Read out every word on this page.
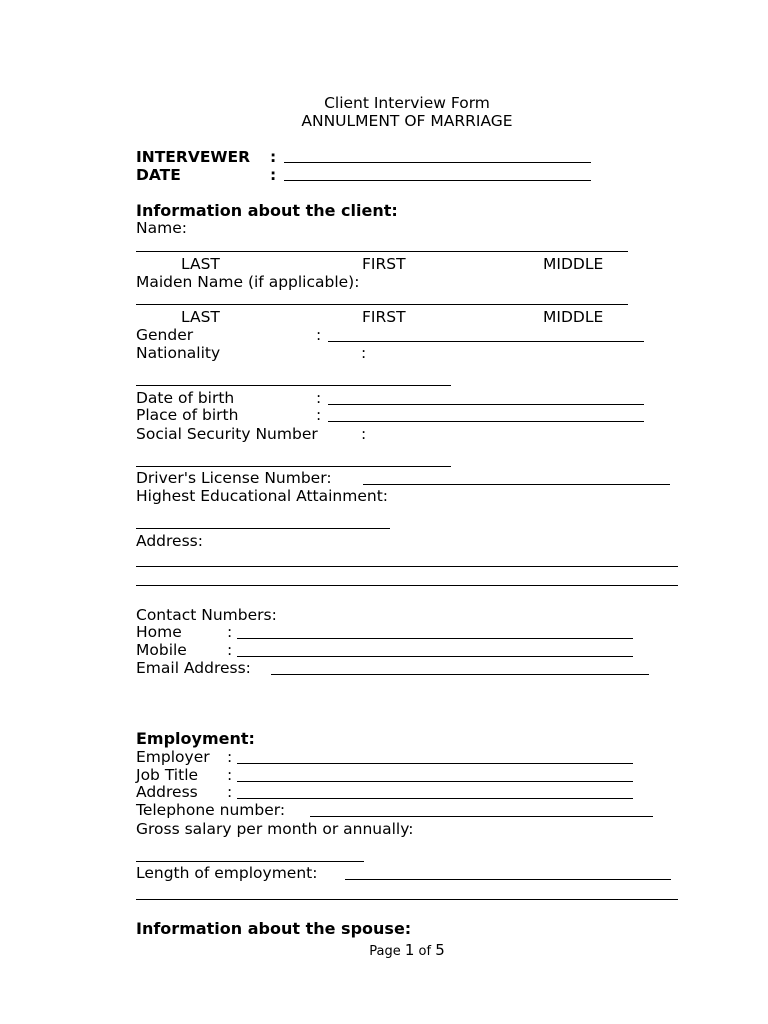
Client Interview Form
ANNULMENT OF MARRIAGE
INTERVEWER :
DATE	:
Information about the client:
Name:
LAST	FIRST	MIDDLE
Maiden Name (if applicable):
LAST	FIRST	MIDDLE
Gender	:
Nationality	:
Date of birth	:
Place of birth	:
Social Security Number	:
Driver's License Number:
Highest Educational Attainment:
Address:
Contact Numbers:
Home	:
Mobile	:
Email Address:
Employment:
Employer :
Job Title :
Address :
Telephone number:
Gross salary per month or annually:
Length of employment:
Information about the spouse:
Page 1 of 5
